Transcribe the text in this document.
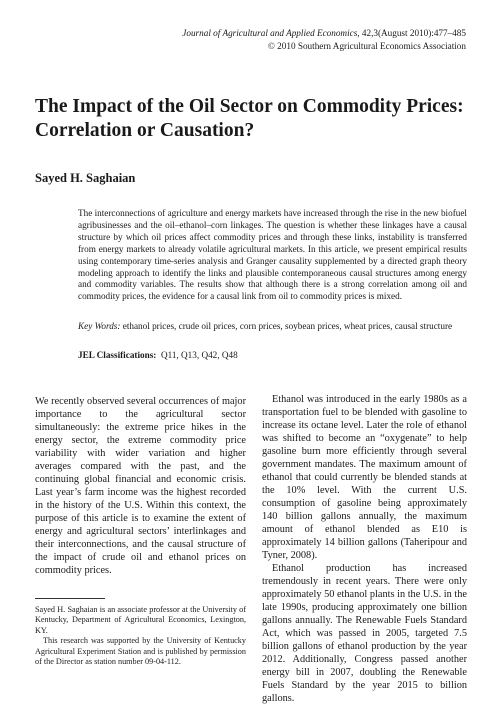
Journal of Agricultural and Applied Economics, 42,3(August 2010):477–485
© 2010 Southern Agricultural Economics Association
The Impact of the Oil Sector on Commodity Prices: Correlation or Causation?
Sayed H. Saghaian

The interconnections of agriculture and energy markets have increased through the rise in the new biofuel agribusinesses and the oil–ethanol–corn linkages. The question is whether these linkages have a causal structure by which oil prices affect commodity prices and through these links, instability is transferred from energy markets to already volatile agricultural markets. In this article, we present empirical results using contemporary time-series analysis and Granger causality supplemented by a directed graph theory modeling approach to identify the links and plausible contemporaneous causal structures among energy and commodity variables. The results show that although there is a strong correlation among oil and commodity prices, the evidence for a causal link from oil to commodity prices is mixed.

Key Words: ethanol prices, crude oil prices, corn prices, soybean prices, wheat prices, causal structure

JEL Classifications:  Q11, Q13, Q42, Q48

We recently observed several occurrences of major importance to the agricultural sector simultaneously: the extreme price hikes in the energy sector, the extreme commodity price variability with wider variation and higher averages compared with the past, and the continuing global financial and economic crisis. Last year’s farm income was the highest recorded in the history of the U.S. Within this context, the purpose of this article is to examine the extent of energy and agricultural sectors’ interlinkages and their interconnections, and the causal structure of the impact of crude oil and ethanol prices on commodity prices.

Ethanol was introduced in the early 1980s as a transportation fuel to be blended with gasoline to increase its octane level. Later the role of ethanol was shifted to become an “oxygenate” to help gasoline burn more efficiently through several government mandates. The maximum amount of ethanol that could currently be blended stands at the 10% level. With the current U.S. consumption of gasoline being approximately 140 billion gallons annually, the maximum amount of ethanol blended as E10 is approximately 14 billion gallons (Taheripour and Tyner, 2008).

Ethanol production has increased tremendously in recent years. There were only approximately 50 ethanol plants in the U.S. in the late 1990s, producing approximately one billion gallons annually. The Renewable Fuels Standard Act, which was passed in 2005, targeted 7.5 billion gallons of ethanol production by the year 2012. Additionally, Congress passed another energy bill in 2007, doubling the Renewable Fuels Standard by the year 2015 to billion gallons.

Sayed H. Saghaian is an associate professor at the University of Kentucky, Department of Agricultural Economics, Lexington, KY.

This research was supported by the University of Kentucky Agricultural Experiment Station and is published by permission of the Director as station number 09-04-112.
